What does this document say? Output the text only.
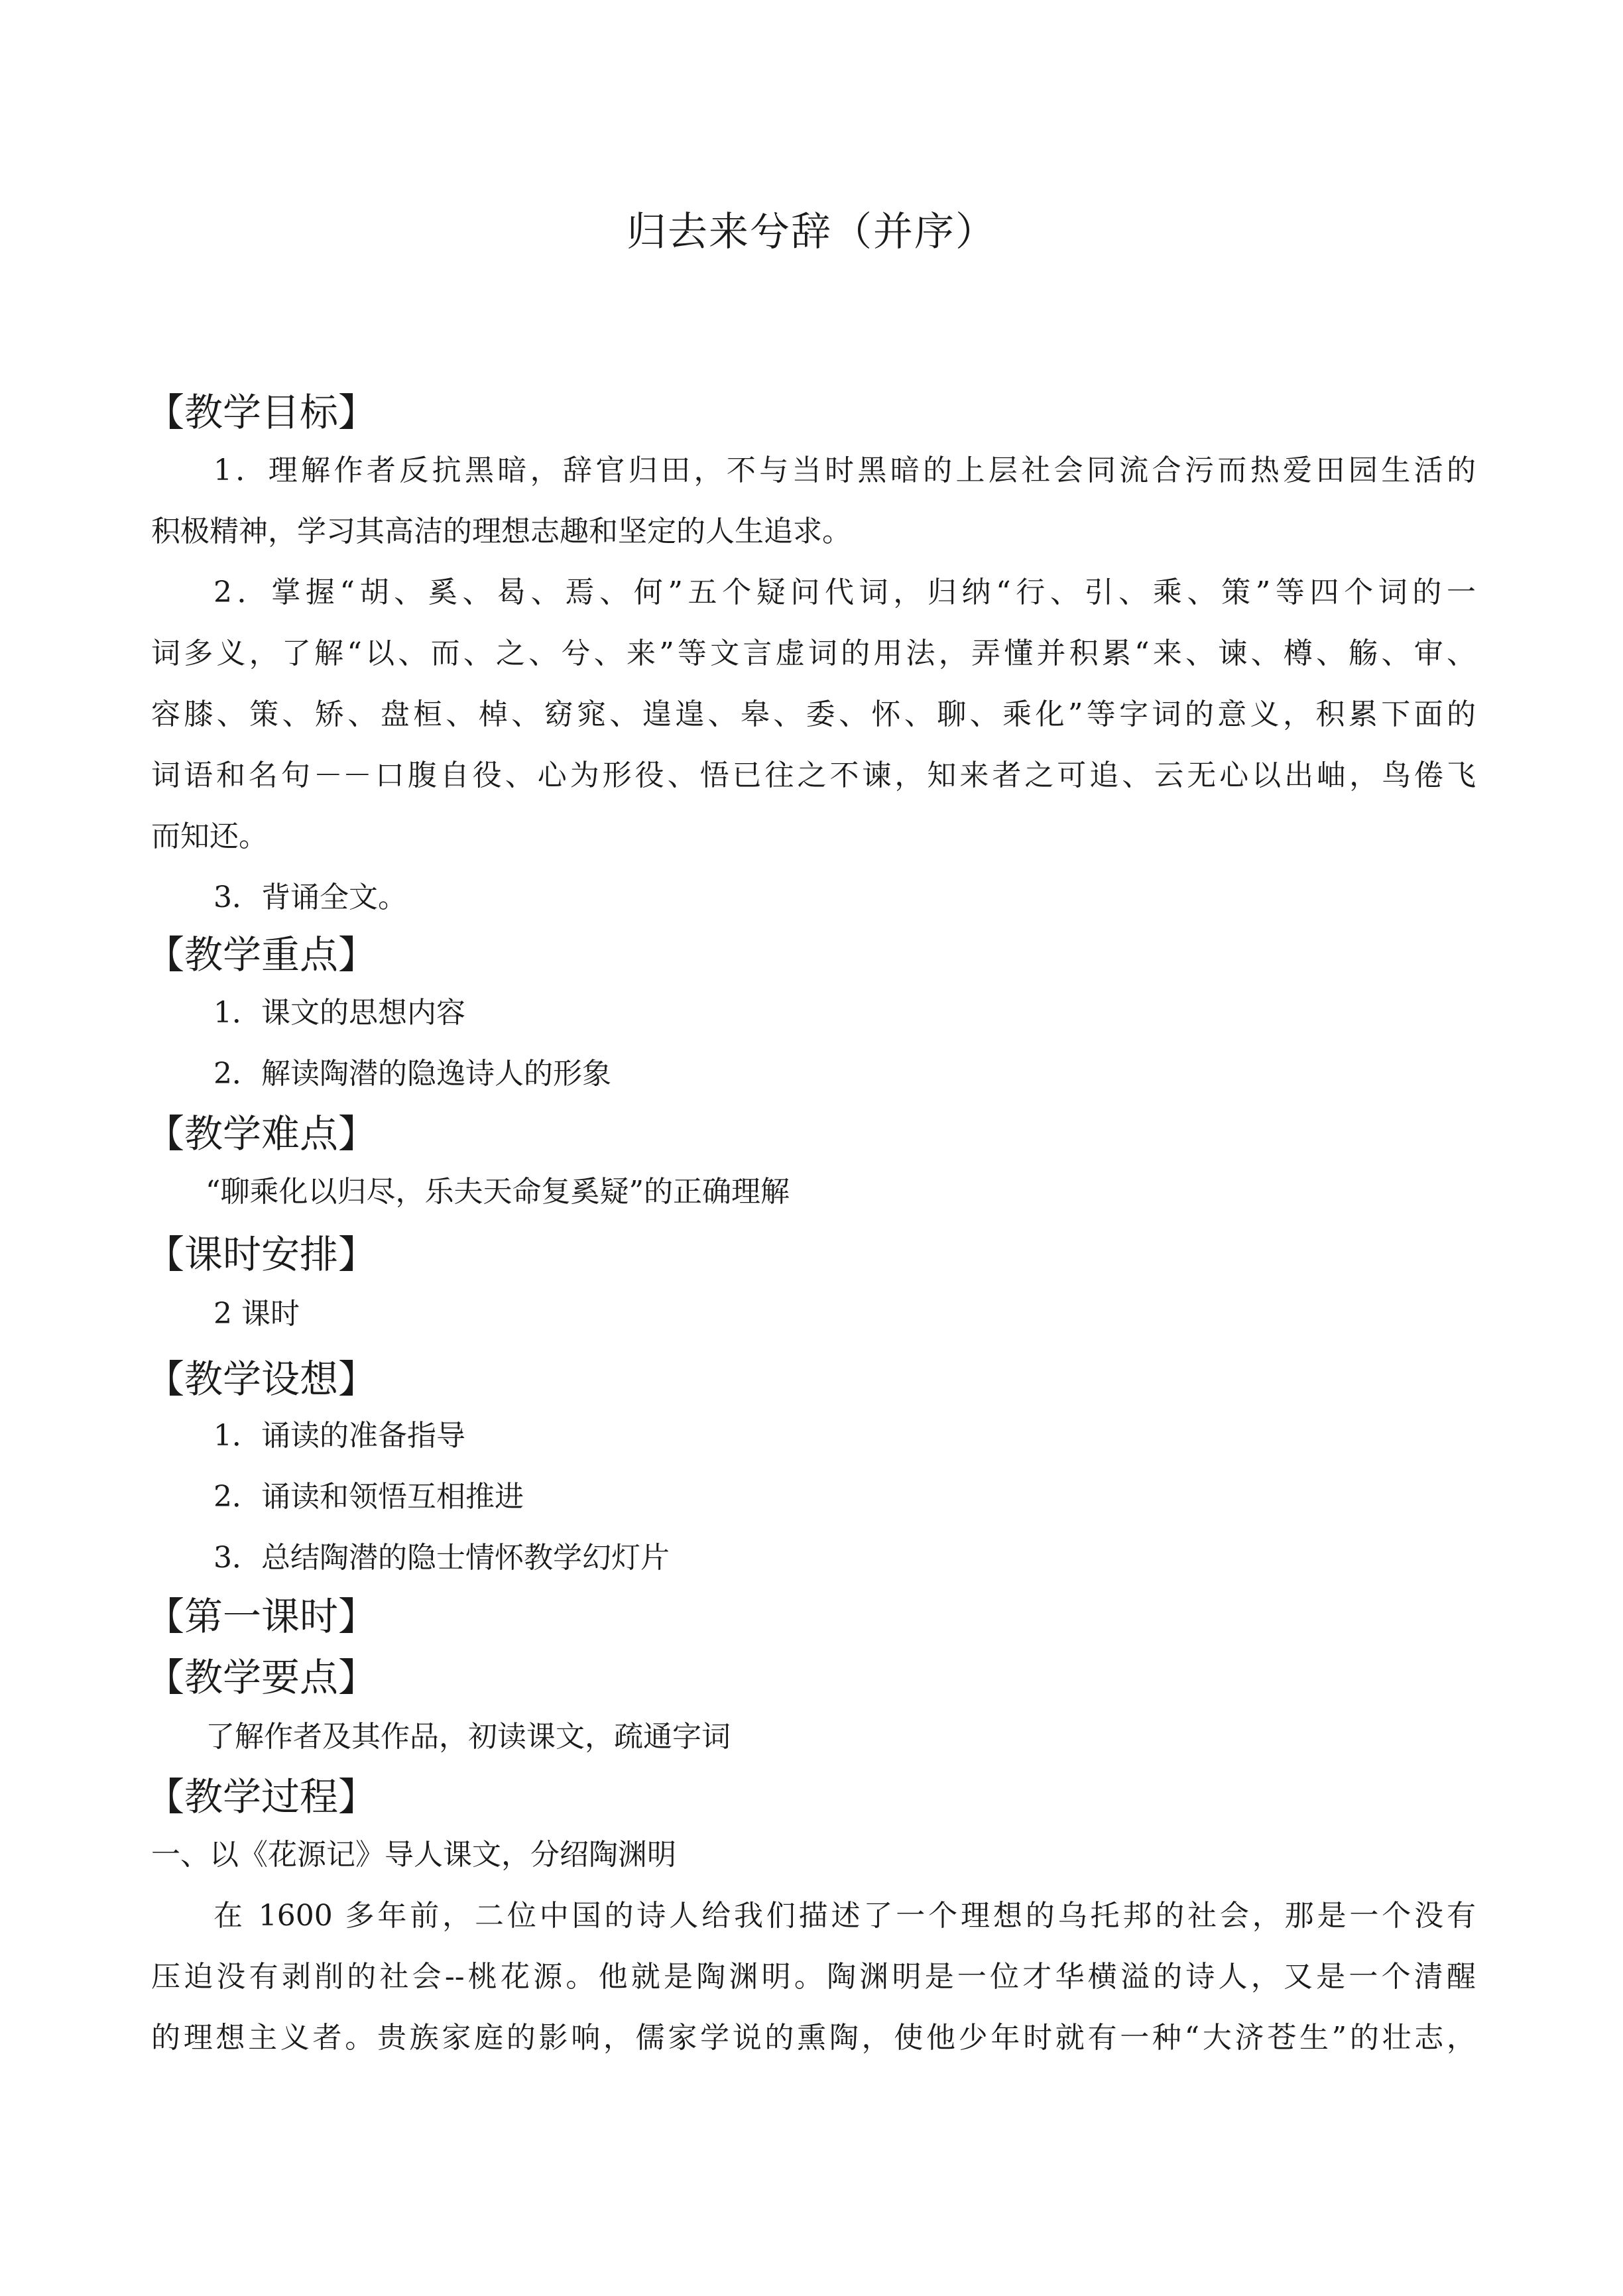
归去来兮辞（并序）
【教学目标】
1．理解作者反抗黑暗，辞官归田，不与当时黑暗的上层社会同流合污而热爱田园生活的
积极精神，学习其高洁的理想志趣和坚定的人生追求。
2．掌握“胡、奚、曷、焉、何”五个疑问代词，归纳“行、引、乘、策”等四个词的一
词多义，了解“以、而、之、兮、来”等文言虚词的用法，弄懂并积累“来、谏、樽、觞、审、
容膝、策、矫、盘桓、棹、窈窕、遑遑、皋、委、怀、聊、乘化”等字词的意义，积累下面的
词语和名句－－口腹自役、心为形役、悟已往之不谏，知来者之可追、云无心以出岫，鸟倦飞
而知还。
3．背诵全文。
【教学重点】
1．课文的思想内容
2．解读陶潜的隐逸诗人的形象
【教学难点】
“聊乘化以归尽，乐夫天命复奚疑”的正确理解
【课时安排】
2 课时
【教学设想】
1．诵读的准备指导
2．诵读和领悟互相推进
3．总结陶潜的隐士情怀教学幻灯片
【第一课时】
【教学要点】
了解作者及其作品，初读课文，疏通字词
【教学过程】
一、以《花源记》导人课文，分绍陶渊明
在 1600 多年前，二位中国的诗人给我们描述了一个理想的乌托邦的社会，那是一个没有
压迫没有剥削的社会--桃花源。他就是陶渊明。陶渊明是一位才华横溢的诗人，又是一个清醒
的理想主义者。贵族家庭的影响，儒家学说的熏陶，使他少年时就有一种“大济苍生”的壮志，
